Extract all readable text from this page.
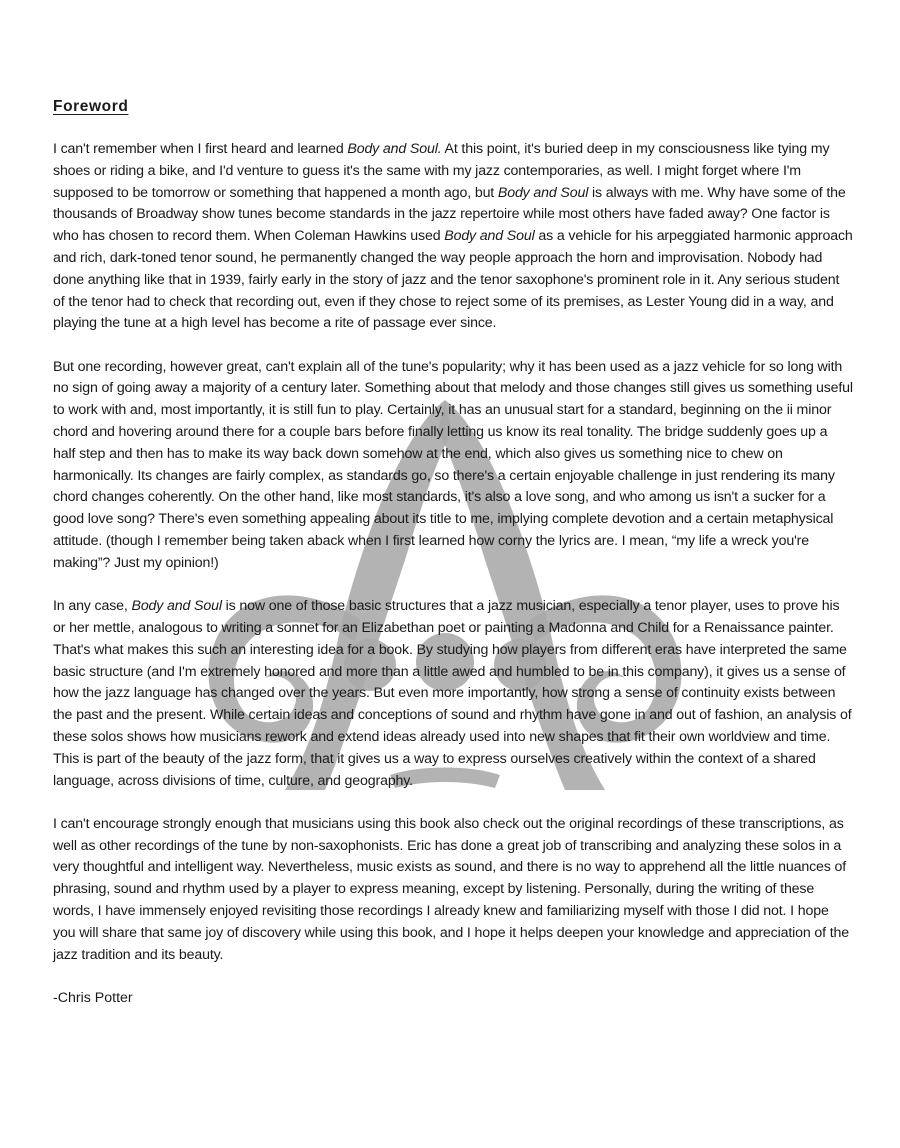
Foreword

I can't remember when I first heard and learned Body and Soul. At this point, it's buried deep in my consciousness like tying my shoes or riding a bike, and I'd venture to guess it's the same with my jazz contemporaries, as well. I might forget where I'm supposed to be tomorrow or something that happened a month ago, but Body and Soul is always with me. Why have some of the thousands of Broadway show tunes become standards in the jazz repertoire while most others have faded away? One factor is who has chosen to record them. When Coleman Hawkins used Body and Soul as a vehicle for his arpeggiated harmonic approach and rich, dark-toned tenor sound, he permanently changed the way people approach the horn and improvisation. Nobody had done anything like that in 1939, fairly early in the story of jazz and the tenor saxophone's prominent role in it. Any serious student of the tenor had to check that recording out, even if they chose to reject some of its premises, as Lester Young did in a way, and playing the tune at a high level has become a rite of passage ever since.

But one recording, however great, can't explain all of the tune's popularity; why it has been used as a jazz vehicle for so long with no sign of going away a majority of a century later. Something about that melody and those changes still gives us something useful to work with and, most importantly, it is still fun to play. Certainly, it has an unusual start for a standard, beginning on the ii minor chord and hovering around there for a couple bars before finally letting us know its real tonality. The bridge suddenly goes up a half step and then has to make its way back down somehow at the end, which also gives us something nice to chew on harmonically. Its changes are fairly complex, as standards go, so there's a certain enjoyable challenge in just rendering its many chord changes coherently. On the other hand, like most standards, it's also a love song, and who among us isn't a sucker for a good love song? There's even something appealing about its title to me, implying complete devotion and a certain metaphysical attitude. (though I remember being taken aback when I first learned how corny the lyrics are. I mean, “my life a wreck you're making”? Just my opinion!)

In any case, Body and Soul is now one of those basic structures that a jazz musician, especially a tenor player, uses to prove his or her mettle, analogous to writing a sonnet for an Elizabethan poet or painting a Madonna and Child for a Renaissance painter. That's what makes this such an interesting idea for a book. By studying how players from different eras have interpreted the same basic structure (and I'm extremely honored and more than a little awed and humbled to be in this company), it gives us a sense of how the jazz language has changed over the years. But even more importantly, how strong a sense of continuity exists between the past and the present. While certain ideas and conceptions of sound and rhythm have gone in and out of fashion, an analysis of these solos shows how musicians rework and extend ideas already used into new shapes that fit their own worldview and time. This is part of the beauty of the jazz form, that it gives us a way to express ourselves creatively within the context of a shared language, across divisions of time, culture, and geography.

I can't encourage strongly enough that musicians using this book also check out the original recordings of these transcriptions, as well as other recordings of the tune by non-saxophonists. Eric has done a great job of transcribing and analyzing these solos in a very thoughtful and intelligent way. Nevertheless, music exists as sound, and there is no way to apprehend all the little nuances of phrasing, sound and rhythm used by a player to express meaning, except by listening. Personally, during the writing of these words, I have immensely enjoyed revisiting those recordings I already knew and familiarizing myself with those I did not. I hope you will share that same joy of discovery while using this book, and I hope it helps deepen your knowledge and appreciation of the jazz tradition and its beauty.

-Chris Potter
